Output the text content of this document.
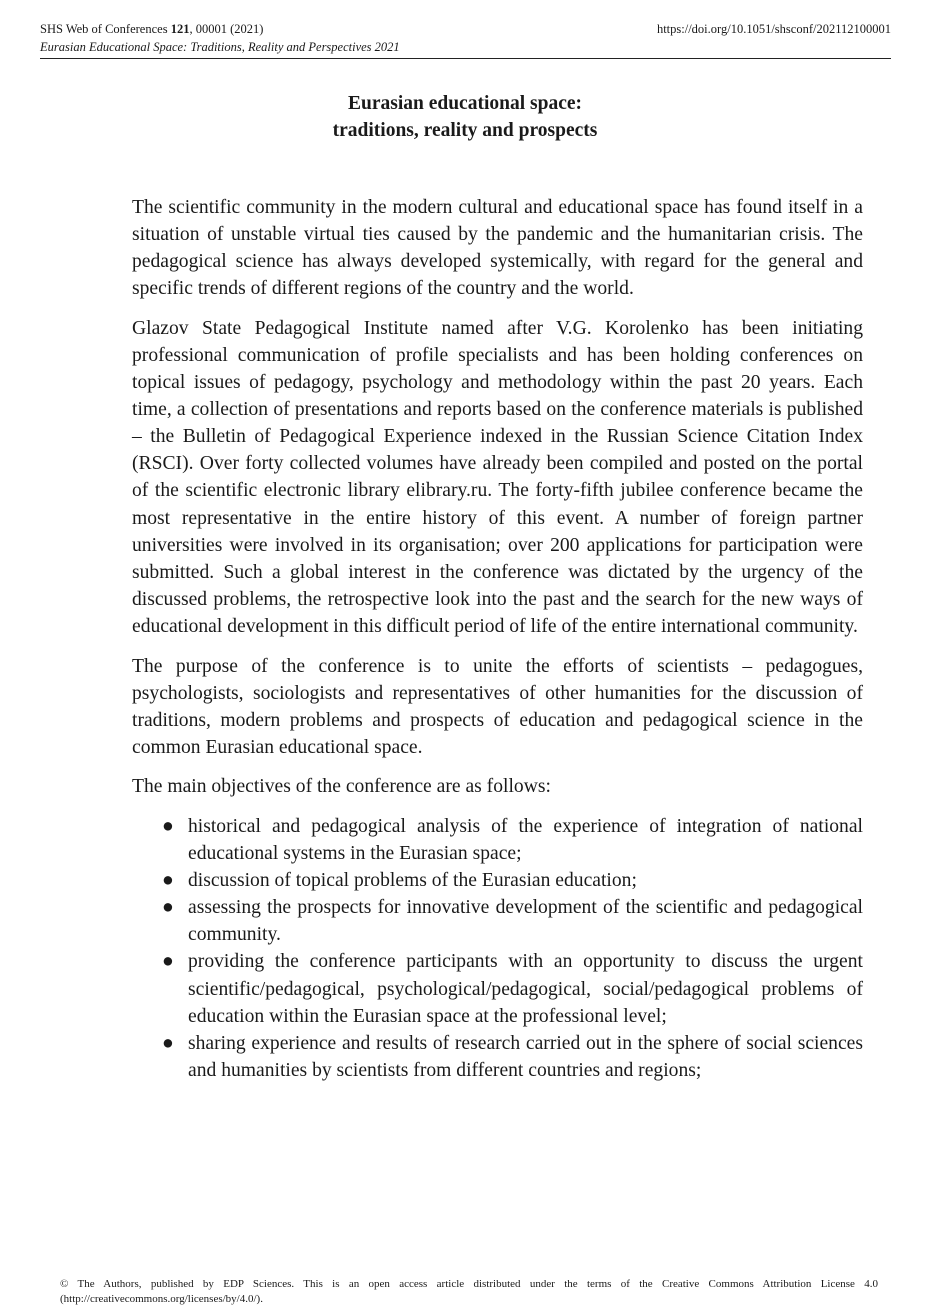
SHS Web of Conferences 121, 00001 (2021)
Eurasian Educational Space: Traditions, Reality and Perspectives 2021
https://doi.org/10.1051/shsconf/202112100001
Eurasian educational space:
traditions, reality and prospects

The scientific community in the modern cultural and educational space has found itself in a situation of unstable virtual ties caused by the pandemic and the humanitarian crisis. The pedagogical science has always developed systemically, with regard for the general and specific trends of different regions of the country and the world.

Glazov State Pedagogical Institute named after V.G. Korolenko has been initiating professional communication of profile specialists and has been holding conferences on topical issues of pedagogy, psychology and methodology within the past 20 years. Each time, a collection of presentations and reports based on the conference materials is published – the Bulletin of Pedagogical Experience indexed in the Russian Science Citation Index (RSCI). Over forty collected volumes have already been compiled and posted on the portal of the scientific electronic library elibrary.ru. The forty-fifth jubilee conference became the most representative in the entire history of this event. A number of foreign partner universities were involved in its organisation; over 200 applications for participation were submitted. Such a global interest in the conference was dictated by the urgency of the discussed problems, the retrospective look into the past and the search for the new ways of educational development in this difficult period of life of the entire international community.

The purpose of the conference is to unite the efforts of scientists – pedagogues, psychologists, sociologists and representatives of other humanities for the discussion of traditions, modern problems and prospects of education and pedagogical science in the common Eurasian educational space.

The main objectives of the conference are as follows:

● historical and pedagogical analysis of the experience of integration of national educational systems in the Eurasian space;
● discussion of topical problems of the Eurasian education;
● assessing the prospects for innovative development of the scientific and pedagogical community.
● providing the conference participants with an opportunity to discuss the urgent scientific/pedagogical, psychological/pedagogical, social/pedagogical problems of education within the Eurasian space at the professional level;
● sharing experience and results of research carried out in the sphere of social sciences and humanities by scientists from different countries and regions;
© The Authors, published by EDP Sciences. This is an open access article distributed under the terms of the Creative Commons Attribution License 4.0 (http://creativecommons.org/licenses/by/4.0/).
